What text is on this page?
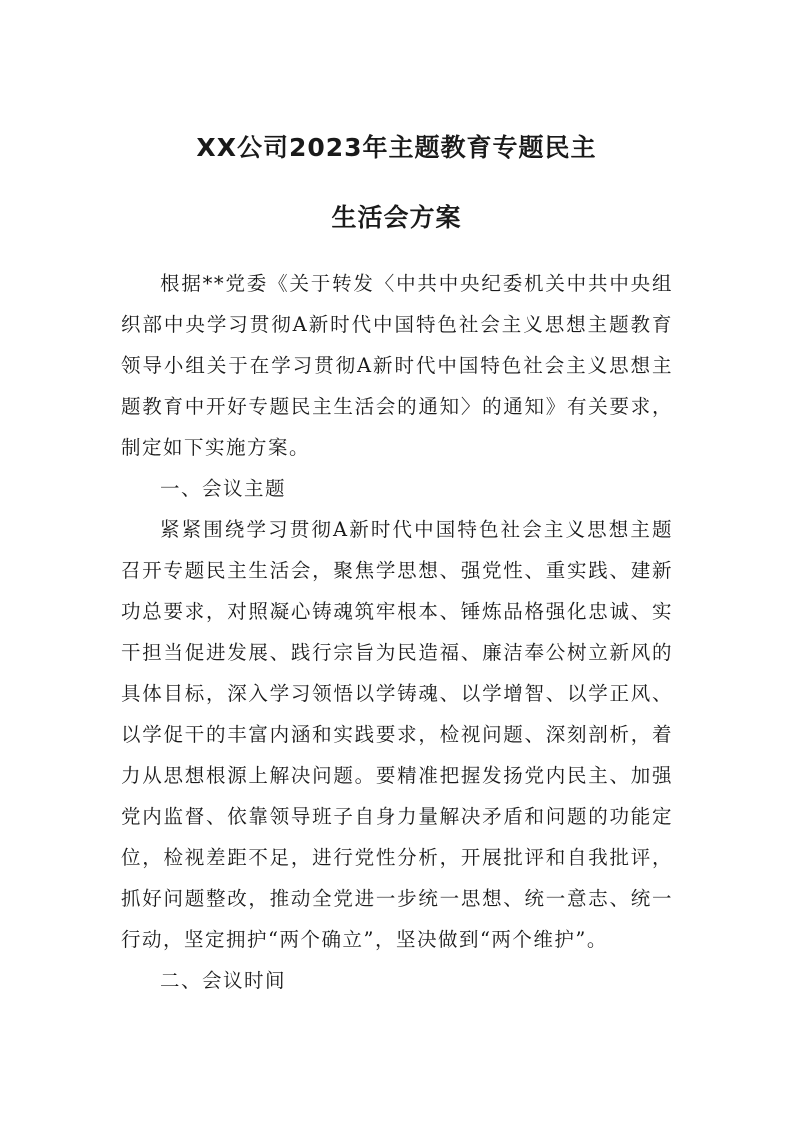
XX公司2023年主题教育专题民主
生活会方案

根据**党委《关于转发〈中共中央纪委机关中共中央组织部中央学习贯彻A新时代中国特色社会主义思想主题教育领导小组关于在学习贯彻A新时代中国特色社会主义思想主题教育中开好专题民主生活会的通知〉的通知》有关要求，制定如下实施方案。

一、会议主题

紧紧围绕学习贯彻A新时代中国特色社会主义思想主题召开专题民主生活会，聚焦学思想、强党性、重实践、建新功总要求，对照凝心铸魂筑牢根本、锤炼品格强化忠诚、实干担当促进发展、践行宗旨为民造福、廉洁奉公树立新风的具体目标，深入学习领悟以学铸魂、以学增智、以学正风、以学促干的丰富内涵和实践要求，检视问题、深刻剖析，着力从思想根源上解决问题。要精准把握发扬党内民主、加强党内监督、依靠领导班子自身力量解决矛盾和问题的功能定位，检视差距不足，进行党性分析，开展批评和自我批评，抓好问题整改，推动全党进一步统一思想、统一意志、统一行动，坚定拥护“两个确立”，坚决做到“两个维护”。

二、会议时间
